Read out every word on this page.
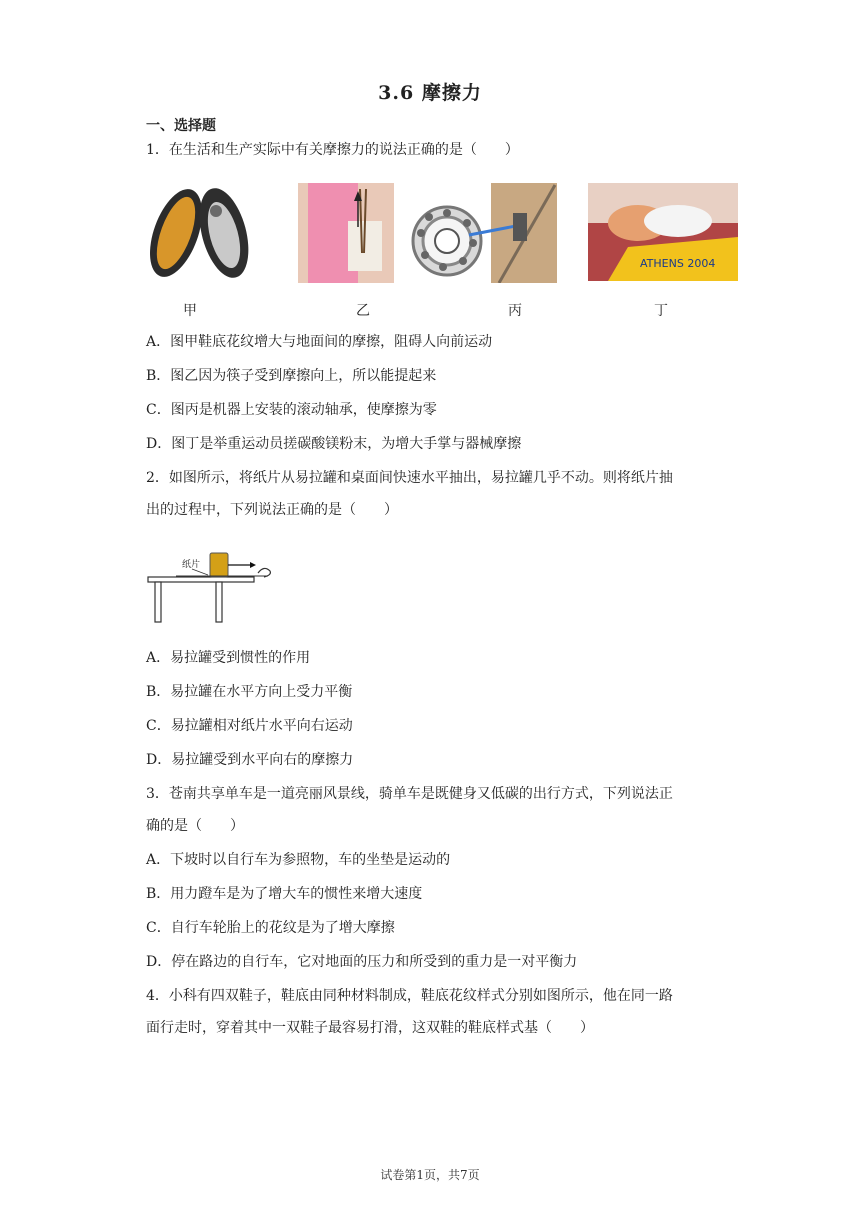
3.6 摩擦力
一、选择题
1．在生活和生产实际中有关摩擦力的说法正确的是（　　）
ATHENS 2004
甲	乙	丙	丁
A．图甲鞋底花纹增大与地面间的摩擦，阻碍人向前运动
B．图乙因为筷子受到摩擦向上，所以能提起来
C．图丙是机器上安装的滚动轴承，使摩擦为零
D．图丁是举重运动员搓碳酸镁粉末，为增大手掌与器械摩擦
2．如图所示，将纸片从易拉罐和桌面间快速水平抽出，易拉罐几乎不动。则将纸片抽
出的过程中，下列说法正确的是（　　）
纸片
A．易拉罐受到惯性的作用
B．易拉罐在水平方向上受力平衡
C．易拉罐相对纸片水平向右运动
D．易拉罐受到水平向右的摩擦力
3．苍南共享单车是一道亮丽风景线，骑单车是既健身又低碳的出行方式，下列说法正
确的是（　　）
A．下坡时以自行车为参照物，车的坐垫是运动的
B．用力蹬车是为了增大车的惯性来增大速度
C．自行车轮胎上的花纹是为了增大摩擦
D．停在路边的自行车，它对地面的压力和所受到的重力是一对平衡力
4．小科有四双鞋子，鞋底由同种材料制成，鞋底花纹样式分别如图所示，他在同一路
面行走时，穿着其中一双鞋子最容易打滑，这双鞋的鞋底样式基（　　）
试卷第1页，共7页
